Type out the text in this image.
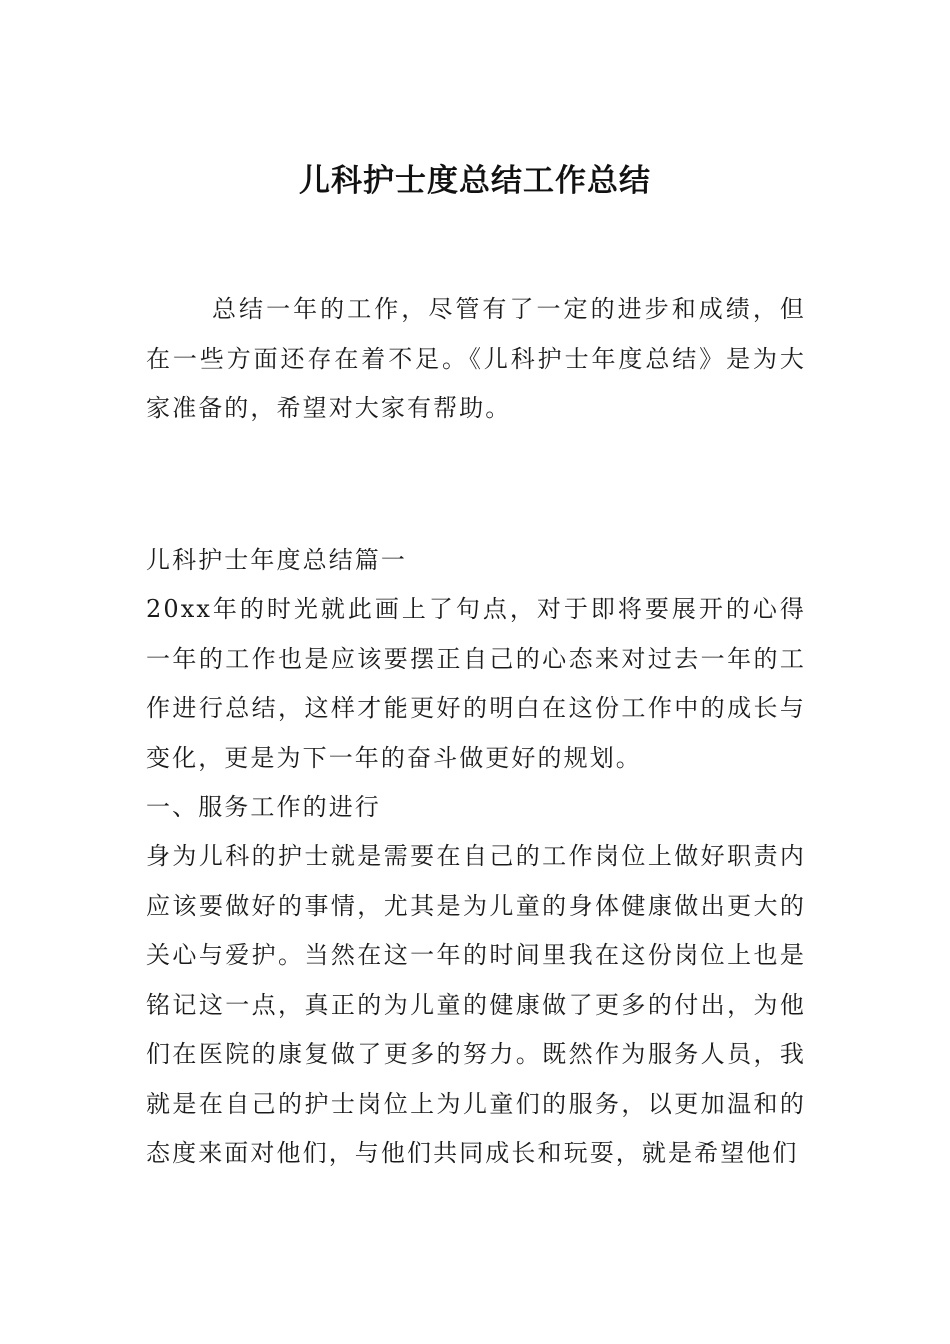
儿科护士度总结工作总结

总结一年的工作，尽管有了一定的进步和成绩，但在一些方面还存在着不足。《儿科护士年度总结》是为大家准备的，希望对大家有帮助。

儿科护士年度总结篇一

20xx年的时光就此画上了句点，对于即将要展开的心得一年的工作也是应该要摆正自己的心态来对过去一年的工作进行总结，这样才能更好的明白在这份工作中的成长与变化，更是为下一年的奋斗做更好的规划。

一、服务工作的进行

身为儿科的护士就是需要在自己的工作岗位上做好职责内应该要做好的事情，尤其是为儿童的身体健康做出更大的关心与爱护。当然在这一年的时间里我在这份岗位上也是铭记这一点，真正的为儿童的健康做了更多的付出，为他们在医院的康复做了更多的努力。既然作为服务人员，我就是在自己的护士岗位上为儿童们的服务，以更加温和的态度来面对他们，与他们共同成长和玩耍，就是希望他们
